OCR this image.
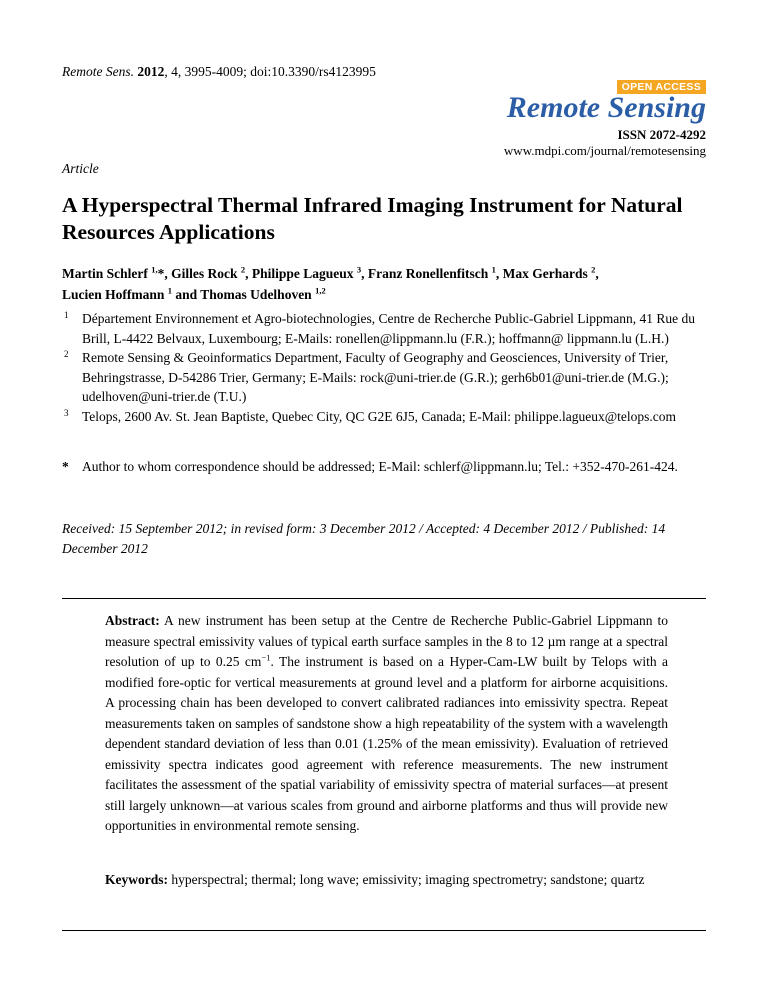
Remote Sens. 2012, 4, 3995-4009; doi:10.3390/rs4123995
OPEN ACCESS
Remote Sensing
ISSN 2072-4292
www.mdpi.com/journal/remotesensing
Article
A Hyperspectral Thermal Infrared Imaging Instrument for Natural Resources Applications
Martin Schlerf $^{1,}$*, Gilles Rock $^2$, Philippe Lagueux $^3$, Franz Ronellenfitsch $^1$, Max Gerhards $^2$,
Lucien Hoffmann $^1$ and Thomas Udelhoven $^{1,2}$
1 Département Environnement et Agro-biotechnologies, Centre de Recherche Public-Gabriel Lippmann, 41 Rue du Brill, L-4422 Belvaux, Luxembourg; E-Mails: ronellen@lippmann.lu (F.R.); hoffmann@ lippmann.lu (L.H.)
2 Remote Sensing & Geoinformatics Department, Faculty of Geography and Geosciences, University of Trier, Behringstrasse, D-54286 Trier, Germany; E-Mails: rock@uni-trier.de (G.R.); gerh6b01@uni-trier.de (M.G.); udelhoven@uni-trier.de (T.U.)
3 Telops, 2600 Av. St. Jean Baptiste, Quebec City, QC G2E 6J5, Canada; E-Mail: philippe.lagueux@telops.com
* Author to whom correspondence should be addressed; E-Mail: schlerf@lippmann.lu; Tel.: +352-470-261-424.
Received: 15 September 2012; in revised form: 3 December 2012 / Accepted: 4 December 2012 / Published: 14 December 2012
Abstract: A new instrument has been setup at the Centre de Recherche Public-Gabriel Lippmann to measure spectral emissivity values of typical earth surface samples in the 8 to 12 µm range at a spectral resolution of up to 0.25 $cm^{-1}$. The instrument is based on a Hyper-Cam-LW built by Telops with a modified fore-optic for vertical measurements at ground level and a platform for airborne acquisitions. A processing chain has been developed to convert calibrated radiances into emissivity spectra. Repeat measurements taken on samples of sandstone show a high repeatability of the system with a wavelength dependent standard deviation of less than 0.01 (1.25% of the mean emissivity). Evaluation of retrieved emissivity spectra indicates good agreement with reference measurements. The new instrument facilitates the assessment of the spatial variability of emissivity spectra of material surfaces—at present still largely unknown—at various scales from ground and airborne platforms and thus will provide new opportunities in environmental remote sensing.
Keywords: hyperspectral; thermal; long wave; emissivity; imaging spectrometry; sandstone; quartz
